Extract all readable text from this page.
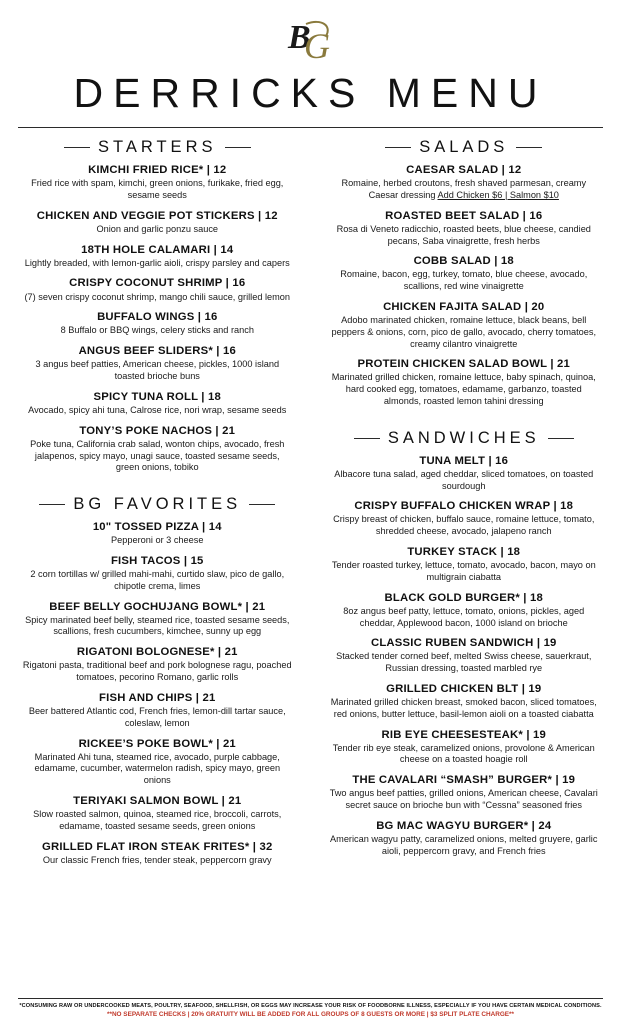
B
G
DERRICKS MENU
STARTERS
KIMCHI FRIED RICE* | 12
Fried rice with spam, kimchi, green onions, furikake, fried egg, sesame seeds
CHICKEN AND VEGGIE POT STICKERS | 12
Onion and garlic ponzu sauce
18TH HOLE CALAMARI | 14
Lightly breaded, with lemon-garlic aioli, crispy parsley and capers
CRISPY COCONUT SHRIMP | 16
(7) seven crispy coconut shrimp, mango chili sauce, grilled lemon
BUFFALO WINGS | 16
8 Buffalo or BBQ wings, celery sticks and ranch
ANGUS BEEF SLIDERS* | 16
3 angus beef patties, American cheese, pickles, 1000 island toasted brioche buns
SPICY TUNA ROLL | 18
Avocado, spicy ahi tuna, Calrose rice, nori wrap, sesame seeds
TONY’S POKE NACHOS | 21
Poke tuna, California crab salad, wonton chips, avocado, fresh jalapenos, spicy mayo, unagi sauce, toasted sesame seeds, green onions, tobiko
BG FAVORITES
10" TOSSED PIZZA | 14
Pepperoni or 3 cheese
FISH TACOS | 15
2 corn tortillas w/ grilled mahi-mahi, curtido slaw, pico de gallo, chipotle crema, limes
BEEF BELLY GOCHUJANG BOWL* | 21
Spicy marinated beef belly, steamed rice, toasted sesame seeds, scallions, fresh cucumbers, kimchee, sunny up egg
RIGATONI BOLOGNESE* | 21
Rigatoni pasta, traditional beef and pork bolognese ragu, poached tomatoes, pecorino Romano, garlic rolls
FISH AND CHIPS | 21
Beer battered Atlantic cod, French fries, lemon-dill tartar sauce, coleslaw, lemon
RICKEE’S POKE BOWL* | 21
Marinated Ahi tuna, steamed rice, avocado, purple cabbage, edamame, cucumber, watermelon radish, spicy mayo, green onions
TERIYAKI SALMON BOWL | 21
Slow roasted salmon, quinoa, steamed rice, broccoli, carrots, edamame, toasted sesame seeds, green onions
GRILLED FLAT IRON STEAK FRITES* | 32
Our classic French fries, tender steak, peppercorn gravy
SALADS
CAESAR SALAD | 12
Romaine, herbed croutons, fresh shaved parmesan, creamy Caesar dressing Add Chicken $6 | Salmon $10
ROASTED BEET SALAD | 16
Rosa di Veneto radicchio, roasted beets, blue cheese, candied pecans, Saba vinaigrette, fresh herbs
COBB SALAD | 18
Romaine, bacon, egg, turkey, tomato, blue cheese, avocado, scallions, red wine vinaigrette
CHICKEN FAJITA SALAD | 20
Adobo marinated chicken, romaine lettuce, black beans, bell peppers & onions, corn, pico de gallo, avocado, cherry tomatoes, creamy cilantro vinaigrette
PROTEIN CHICKEN SALAD BOWL | 21
Marinated grilled chicken, romaine lettuce, baby spinach, quinoa, hard cooked egg, tomatoes, edamame, garbanzo, toasted almonds, roasted lemon tahini dressing
SANDWICHES
TUNA MELT | 16
Albacore tuna salad, aged cheddar, sliced tomatoes, on toasted sourdough
CRISPY BUFFALO CHICKEN WRAP | 18
Crispy breast of chicken, buffalo sauce, romaine lettuce, tomato, shredded cheese, avocado, jalapeno ranch
TURKEY STACK | 18
Tender roasted turkey, lettuce, tomato, avocado, bacon, mayo on multigrain ciabatta
BLACK GOLD BURGER* | 18
8oz angus beef patty, lettuce, tomato, onions, pickles, aged cheddar, Applewood bacon, 1000 island on brioche
CLASSIC RUBEN SANDWICH | 19
Stacked tender corned beef, melted Swiss cheese, sauerkraut, Russian dressing, toasted marbled rye
GRILLED CHICKEN BLT | 19
Marinated grilled chicken breast, smoked bacon, sliced tomatoes, red onions, butter lettuce, basil-lemon aioli on a toasted ciabatta
RIB EYE CHEESESTEAK* | 19
Tender rib eye steak, caramelized onions, provolone & American cheese on a toasted hoagie roll
THE CAVALARI “SMASH” BURGER* | 19
Two angus beef patties, grilled onions, American cheese, Cavalari secret sauce on brioche bun with “Cessna” seasoned fries
BG MAC WAGYU BURGER* | 24
American wagyu patty, caramelized onions, melted gruyere, garlic aioli, peppercorn gravy, and French fries
*CONSUMING RAW OR UNDERCOOKED MEATS, POULTRY, SEAFOOD, SHELLFISH, OR EGGS MAY INCREASE YOUR RISK OF FOODBORNE ILLNESS, ESPECIALLY IF YOU HAVE CERTAIN MEDICAL CONDITIONS.
**NO SEPARATE CHECKS | 20% GRATUITY WILL BE ADDED FOR ALL GROUPS OF 8 GUESTS OR MORE | $3 SPLIT PLATE CHARGE**
